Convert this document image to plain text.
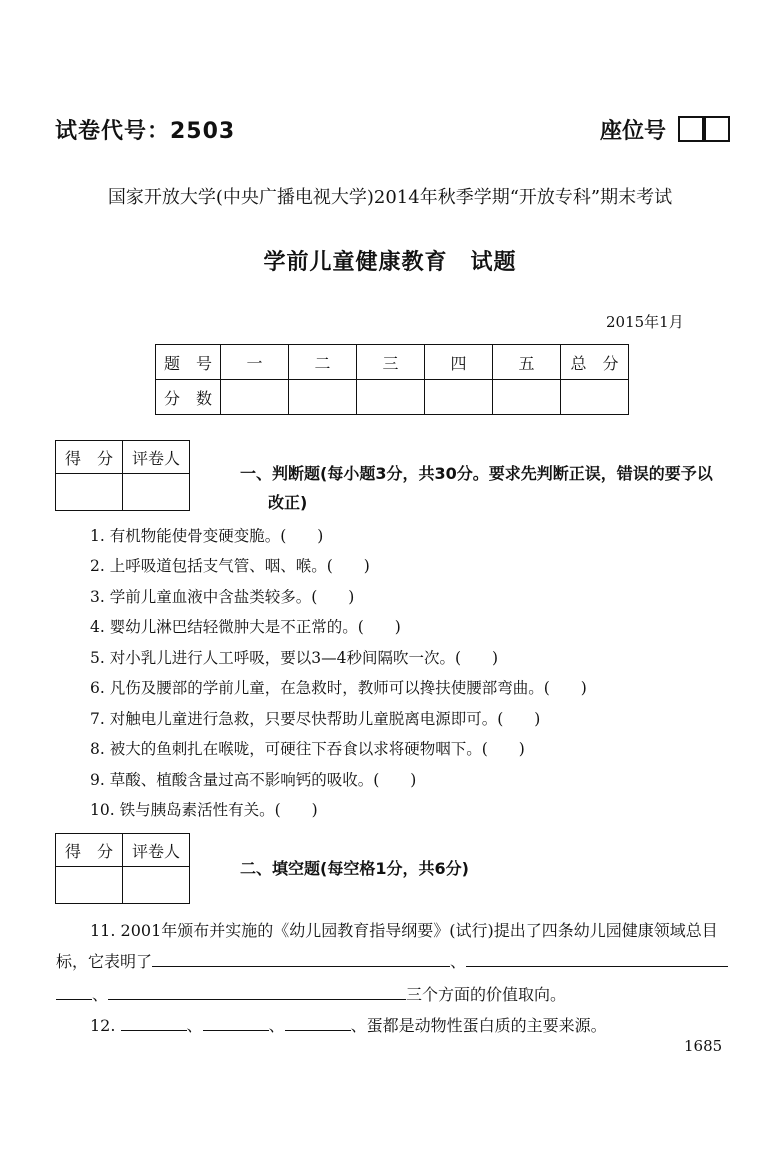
试卷代号：2503	座位号
国家开放大学(中央广播电视大学)2014年秋季学期“开放专科”期末考试
学前儿童健康教育　试题
2015年1月
题　号	一	二	三	四	五	总　分
分　数						
得　分	评卷人

一、判断题(每小题3分，共30分。要求先判断正误，错误的要予以
改正)
1. 有机物能使骨变硬变脆。(　　)
2. 上呼吸道包括支气管、咽、喉。(　　)
3. 学前儿童血液中含盐类较多。(　　)
4. 婴幼儿淋巴结轻微肿大是不正常的。(　　)
5. 对小乳儿进行人工呼吸，要以3—4秒间隔吹一次。(　　)
6. 凡伤及腰部的学前儿童，在急救时，教师可以搀扶使腰部弯曲。(　　)
7. 对触电儿童进行急救，只要尽快帮助儿童脱离电源即可。(　　)
8. 被大的鱼刺扎在喉咙，可硬往下吞食以求将硬物咽下。(　　)
9. 草酸、植酸含量过高不影响钙的吸收。(　　)
10. 铁与胰岛素活性有关。(　　)
得　分	评卷人

二、填空题(每空格1分，共6分)
11. 2001年颁布并实施的《幼儿园教育指导纲要》(试行)提出了四条幼儿园健康领域总目
标，它表明了	、
、	三个方面的价值取向。
12.	、	、	、蛋都是动物性蛋白质的主要来源。
1685
